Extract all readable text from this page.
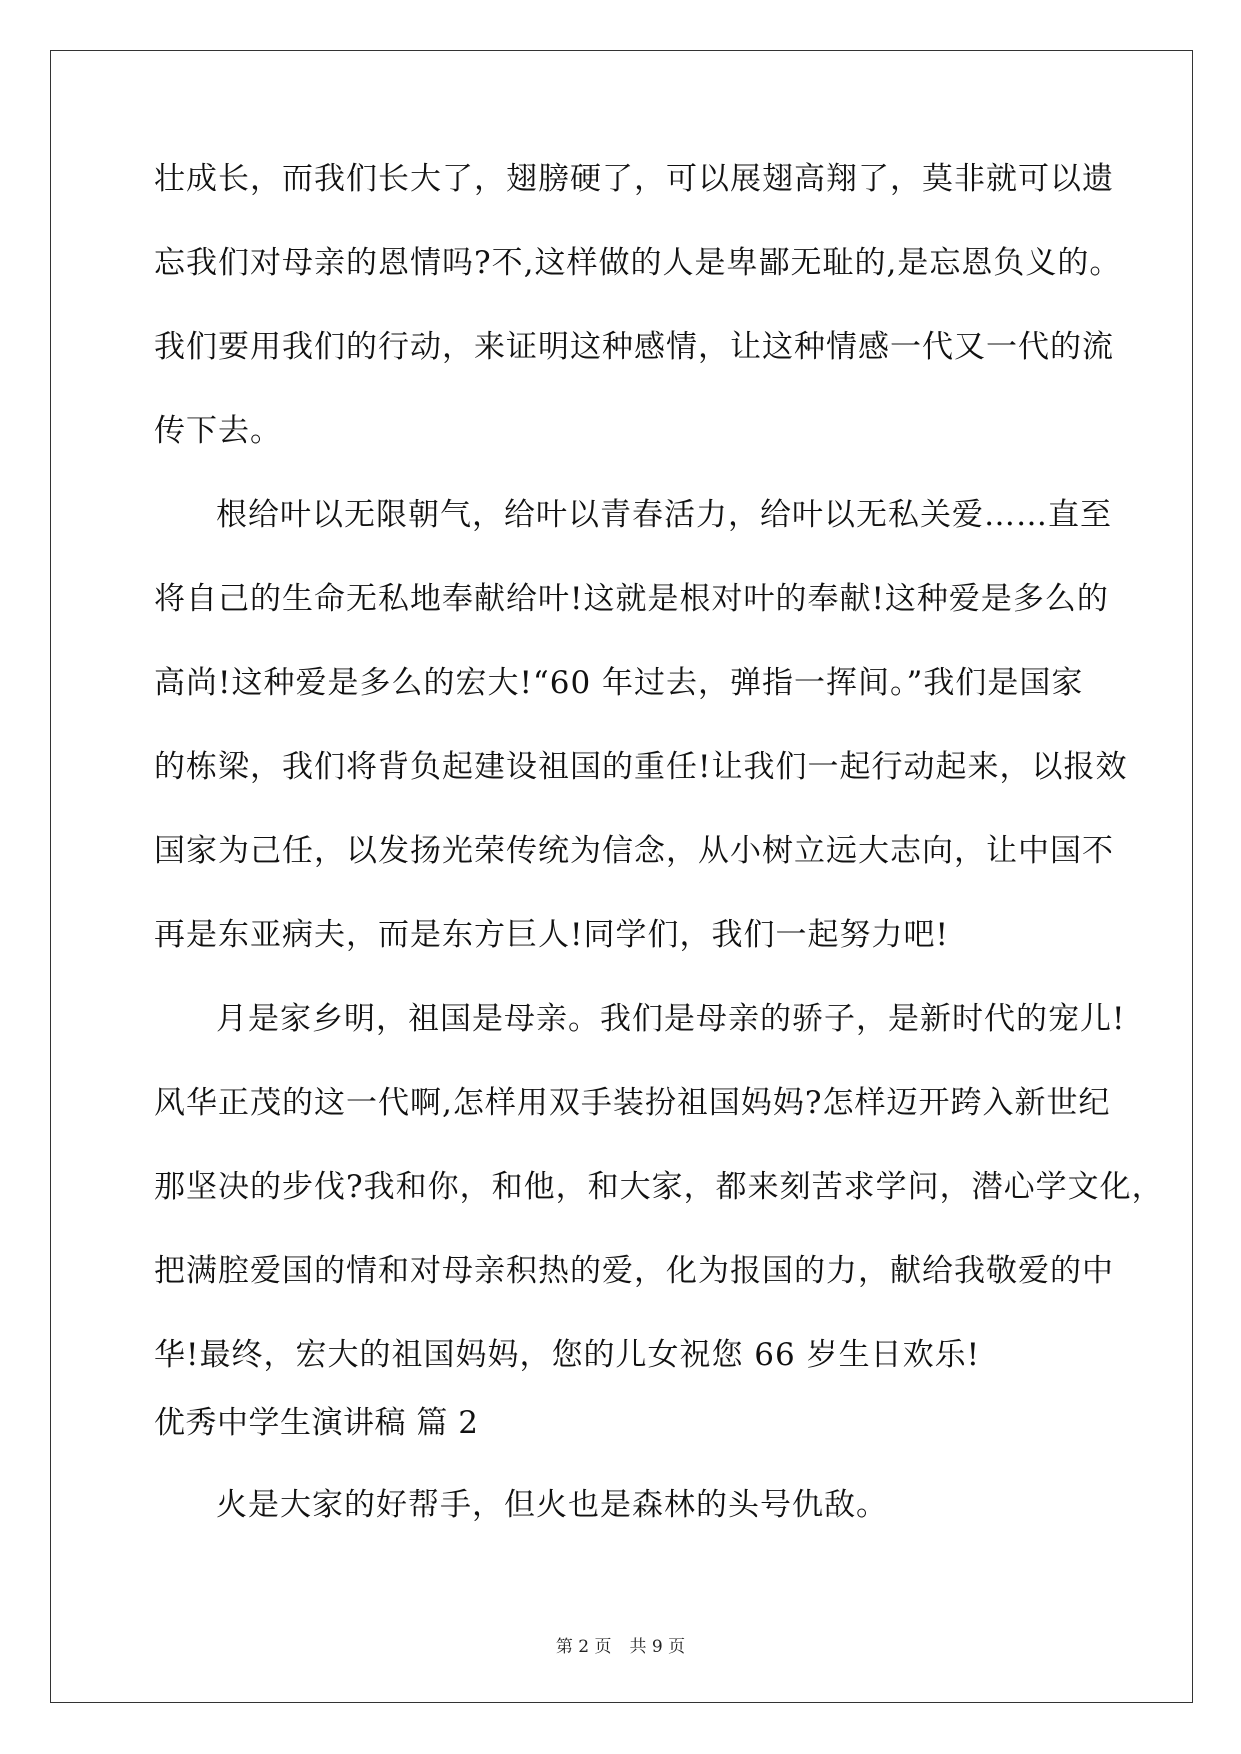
壮成长，而我们长大了，翅膀硬了，可以展翅高翔了，莫非就可以遗
忘我们对母亲的恩情吗?不,这样做的人是卑鄙无耻的,是忘恩负义的。
我们要用我们的行动，来证明这种感情，让这种情感一代又一代的流
传下去。
根给叶以无限朝气，给叶以青春活力，给叶以无私关爱……直至
将自己的生命无私地奉献给叶!这就是根对叶的奉献!这种爱是多么的
高尚!这种爱是多么的宏大!“60 年过去，弹指一挥间。”我们是国家
的栋梁，我们将背负起建设祖国的重任!让我们一起行动起来，以报效
国家为己任，以发扬光荣传统为信念，从小树立远大志向，让中国不
再是东亚病夫，而是东方巨人!同学们，我们一起努力吧!
月是家乡明，祖国是母亲。我们是母亲的骄子，是新时代的宠儿!
风华正茂的这一代啊,怎样用双手装扮祖国妈妈?怎样迈开跨入新世纪
那坚决的步伐?我和你，和他，和大家，都来刻苦求学问，潜心学文化，
把满腔爱国的情和对母亲积热的爱，化为报国的力，献给我敬爱的中
华!最终，宏大的祖国妈妈，您的儿女祝您 66 岁生日欢乐!
优秀中学生演讲稿 篇 2
火是大家的好帮手，但火也是森林的头号仇敌。
第 2 页 共 9 页
